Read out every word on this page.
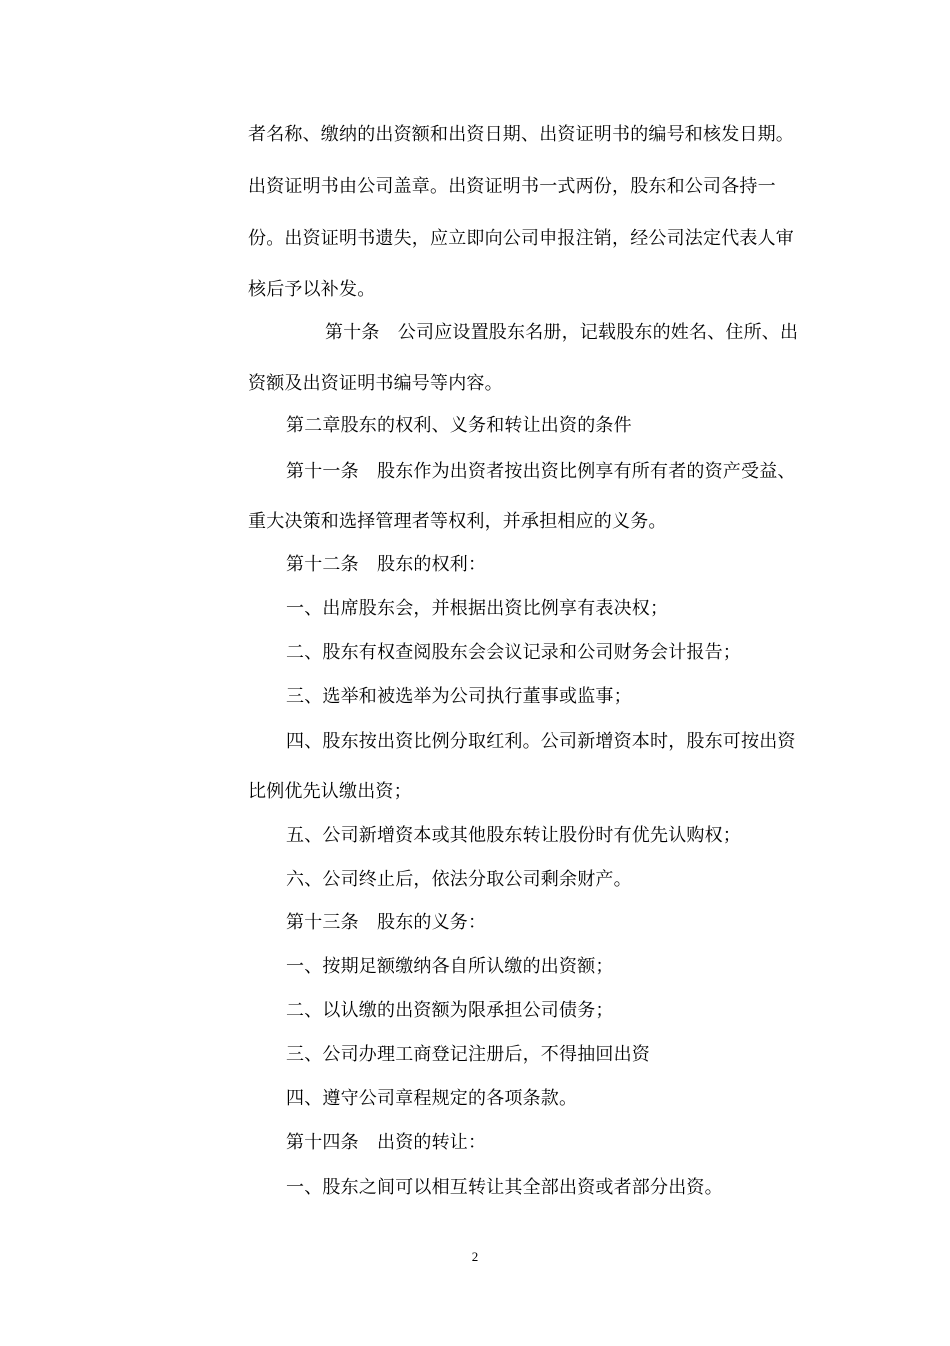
者名称、缴纳的出资额和出资日期、出资证明书的编号和核发日期。
出资证明书由公司盖章。出资证明书一式两份，股东和公司各持一
份。出资证明书遗失，应立即向公司申报注销，经公司法定代表人审
核后予以补发。
第十条　公司应设置股东名册，记载股东的姓名、住所、出
资额及出资证明书编号等内容。
第二章股东的权利、义务和转让出资的条件
第十一条　股东作为出资者按出资比例享有所有者的资产受益、
重大决策和选择管理者等权利，并承担相应的义务。
第十二条　股东的权利：
一、出席股东会，并根据出资比例享有表决权；
二、股东有权查阅股东会会议记录和公司财务会计报告；
三、选举和被选举为公司执行董事或监事；
四、股东按出资比例分取红利。公司新增资本时，股东可按出资
比例优先认缴出资；
五、公司新增资本或其他股东转让股份时有优先认购权；
六、公司终止后，依法分取公司剩余财产。
第十三条　股东的义务：
一、按期足额缴纳各自所认缴的出资额；
二、以认缴的出资额为限承担公司债务；
三、公司办理工商登记注册后，不得抽回出资
四、遵守公司章程规定的各项条款。
第十四条　出资的转让：
一、股东之间可以相互转让其全部出资或者部分出资。
2
